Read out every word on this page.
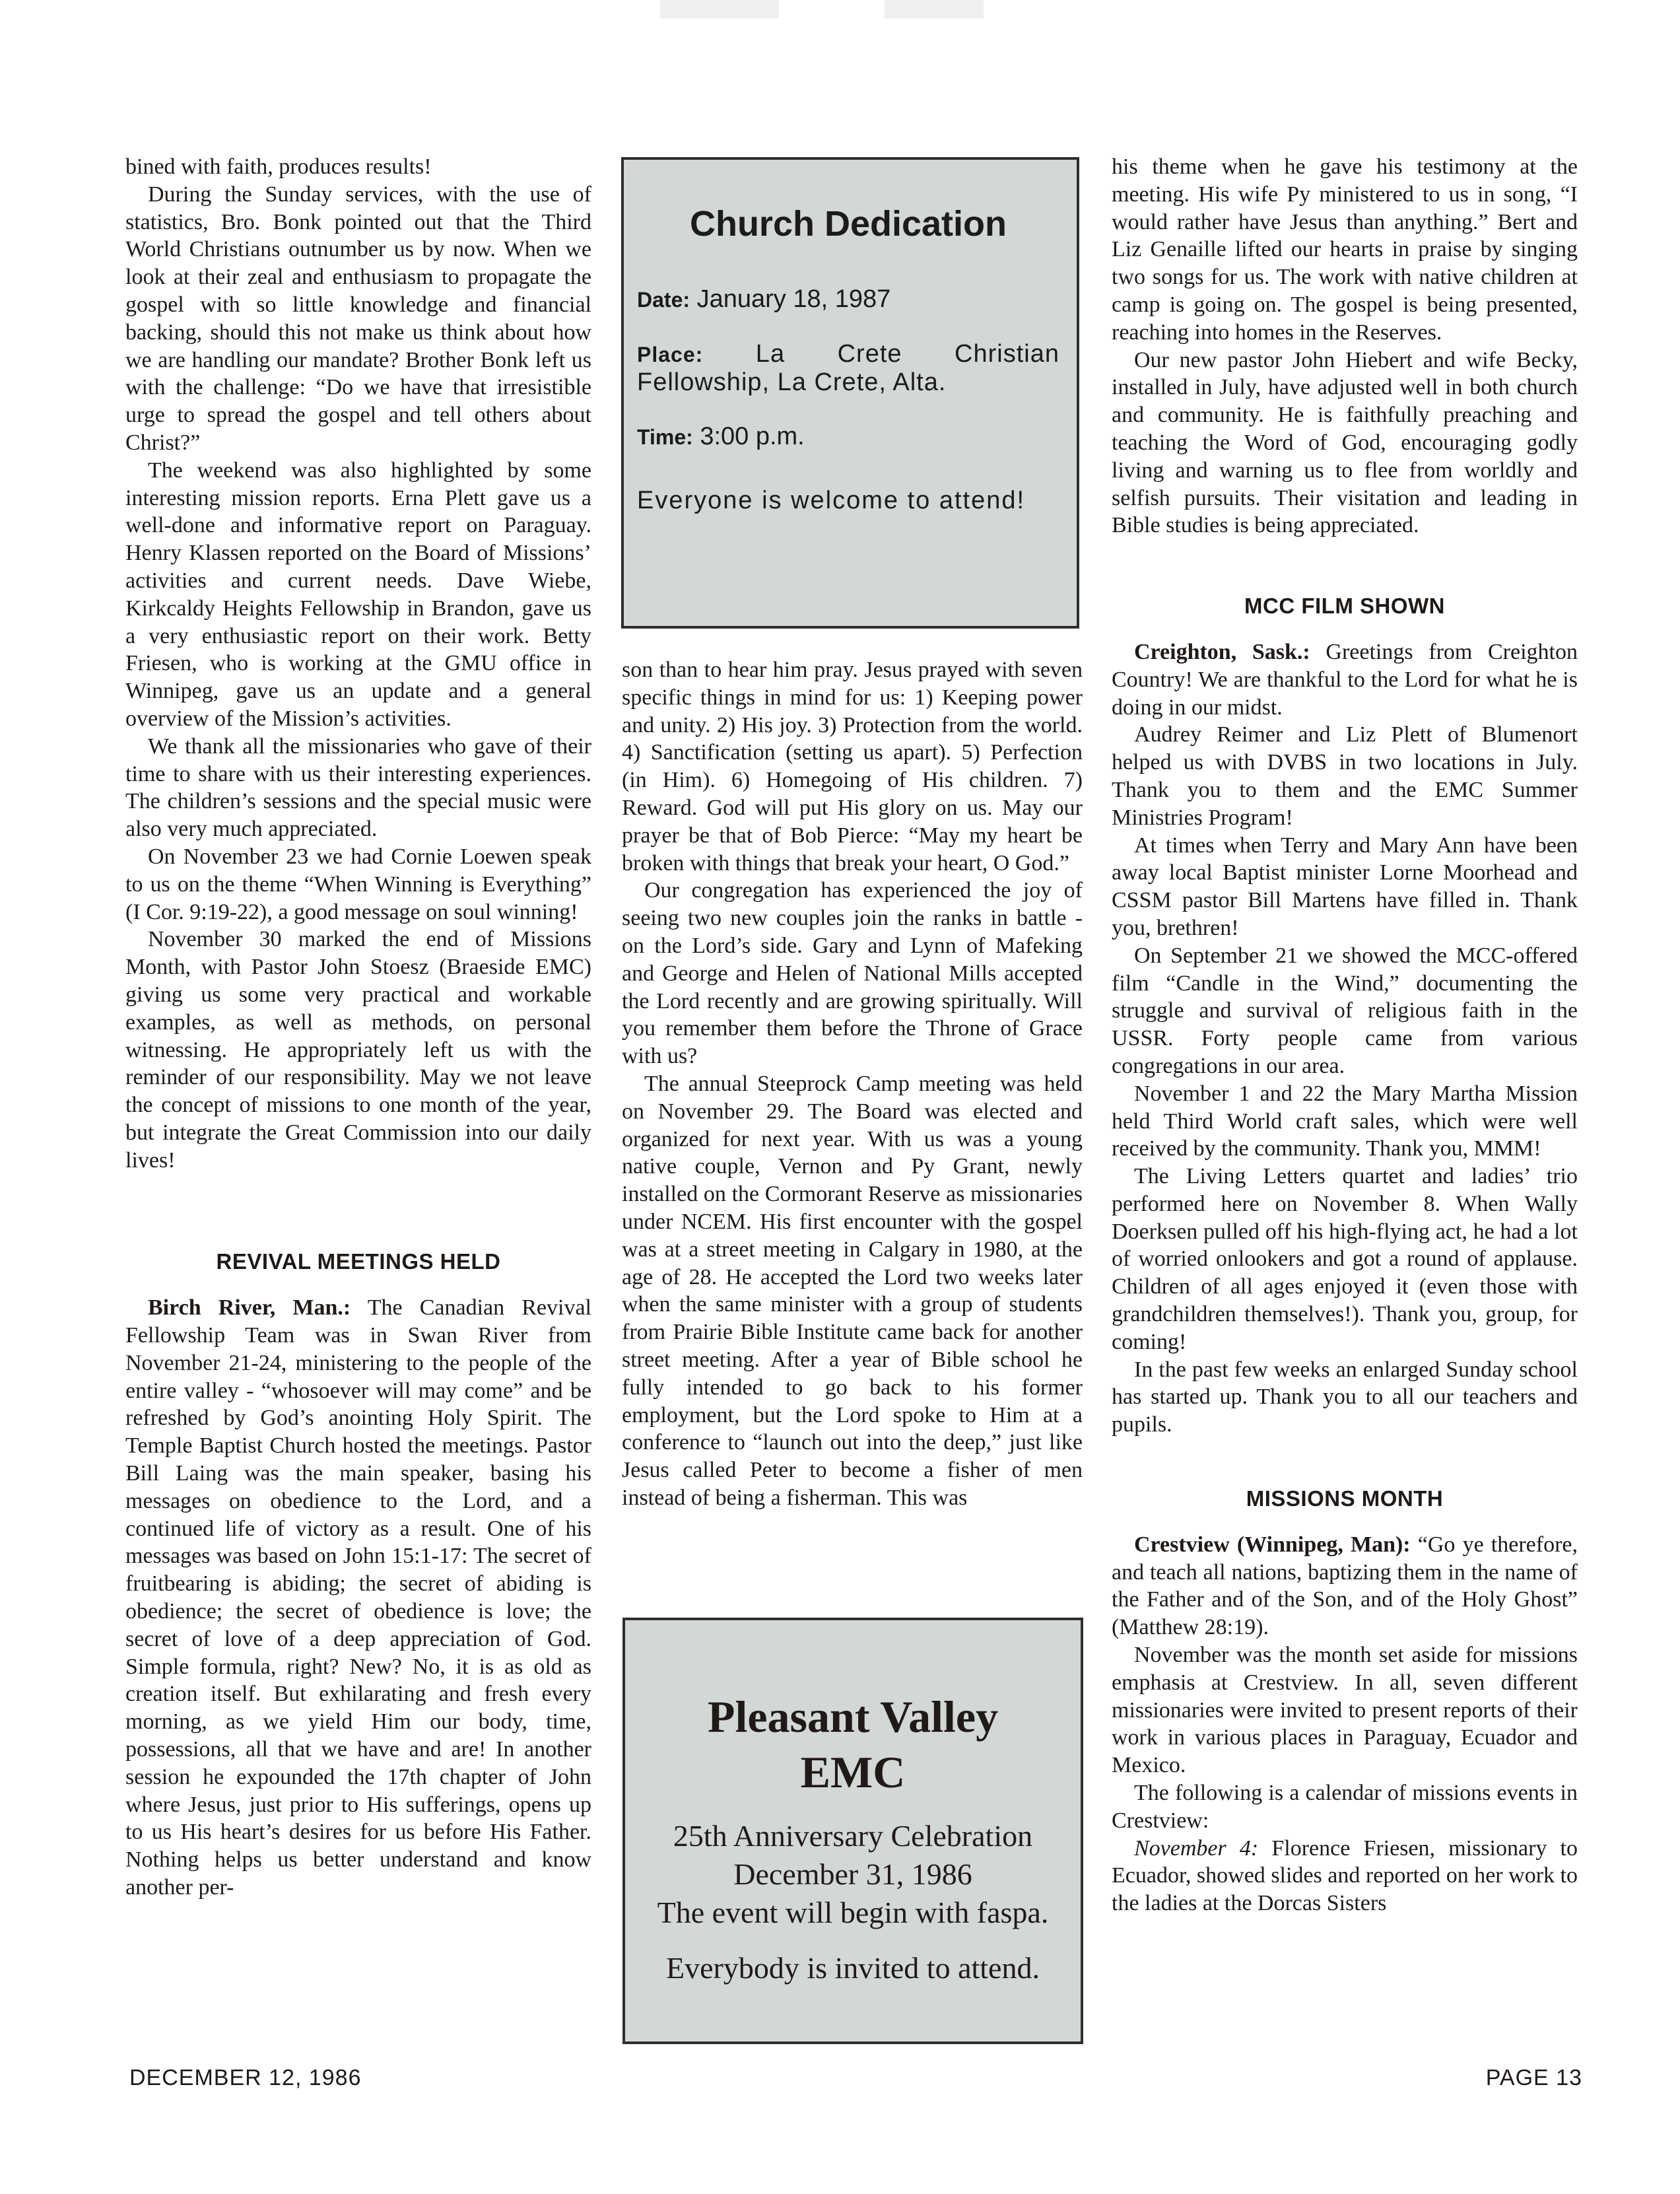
bined with faith, produces results!

During the Sunday services, with the use of statistics, Bro. Bonk pointed out that the Third World Christians outnumber us by now. When we look at their zeal and enthusiasm to propagate the gospel with so little knowledge and financial backing, should this not make us think about how we are handling our mandate? Brother Bonk left us with the challenge: “Do we have that irresistible urge to spread the gospel and tell others about Christ?”

The weekend was also highlighted by some interesting mission reports. Erna Plett gave us a well-done and informative report on Paraguay. Henry Klassen reported on the Board of Missions’ activities and current needs. Dave Wiebe, Kirkcaldy Heights Fellowship in Brandon, gave us a very enthusiastic report on their work. Betty Friesen, who is working at the GMU office in Winnipeg, gave us an update and a general overview of the Mission’s activities.

We thank all the missionaries who gave of their time to share with us their interesting experiences. The children’s sessions and the special music were also very much appreciated.

On November 23 we had Cornie Loewen speak to us on the theme “When Winning is Everything” (I Cor. 9:19-22), a good message on soul winning!

November 30 marked the end of Missions Month, with Pastor John Stoesz (Braeside EMC) giving us some very practical and workable examples, as well as methods, on personal witnessing. He appropriately left us with the reminder of our responsibility. May we not leave the concept of missions to one month of the year, but integrate the Great Commission into our daily lives!

REVIVAL MEETINGS HELD

Birch River, Man.: The Canadian Revival Fellowship Team was in Swan River from November 21-24, ministering to the people of the entire valley - “whosoever will may come” and be refreshed by God’s anointing Holy Spirit. The Temple Baptist Church hosted the meetings. Pastor Bill Laing was the main speaker, basing his messages on obedience to the Lord, and a continued life of victory as a result. One of his messages was based on John 15:1-17: The secret of fruitbearing is abiding; the secret of abiding is obedience; the secret of obedience is love; the secret of love of a deep appreciation of God. Simple formula, right? New? No, it is as old as creation itself. But exhilarating and fresh every morning, as we yield Him our body, time, possessions, all that we have and are! In another session he expounded the 17th chapter of John where Jesus, just prior to His sufferings, opens up to us His heart’s desires for us before His Father. Nothing helps us better understand and know another per-

Church Dedication
Date: January 18, 1987
Place: La Crete Christian Fellowship, La Crete, Alta.
Time: 3:00 p.m.
Everyone is welcome to attend!

son than to hear him pray. Jesus prayed with seven specific things in mind for us: 1) Keeping power and unity. 2) His joy. 3) Protection from the world. 4) Sanctification (setting us apart). 5) Perfection (in Him). 6) Homegoing of His children. 7) Reward. God will put His glory on us. May our prayer be that of Bob Pierce: “May my heart be broken with things that break your heart, O God.”

Our congregation has experienced the joy of seeing two new couples join the ranks in battle - on the Lord’s side. Gary and Lynn of Mafeking and George and Helen of National Mills accepted the Lord recently and are growing spiritually. Will you remember them before the Throne of Grace with us?

The annual Steeprock Camp meeting was held on November 29. The Board was elected and organized for next year. With us was a young native couple, Vernon and Py Grant, newly installed on the Cormorant Reserve as missionaries under NCEM. His first encounter with the gospel was at a street meeting in Calgary in 1980, at the age of 28. He accepted the Lord two weeks later when the same minister with a group of students from Prairie Bible Institute came back for another street meeting. After a year of Bible school he fully intended to go back to his former employment, but the Lord spoke to Him at a conference to “launch out into the deep,” just like Jesus called Peter to become a fisher of men instead of being a fisherman. This was

Pleasant Valley
EMC
25th Anniversary Celebration
December 31, 1986
The event will begin with faspa.
Everybody is invited to attend.

his theme when he gave his testimony at the meeting. His wife Py ministered to us in song, “I would rather have Jesus than anything.” Bert and Liz Genaille lifted our hearts in praise by singing two songs for us. The work with native children at camp is going on. The gospel is being presented, reaching into homes in the Reserves.

Our new pastor John Hiebert and wife Becky, installed in July, have adjusted well in both church and community. He is faithfully preaching and teaching the Word of God, encouraging godly living and warning us to flee from worldly and selfish pursuits. Their visitation and leading in Bible studies is being appreciated.

MCC FILM SHOWN

Creighton, Sask.: Greetings from Creighton Country! We are thankful to the Lord for what he is doing in our midst.

Audrey Reimer and Liz Plett of Blumenort helped us with DVBS in two locations in July. Thank you to them and the EMC Summer Ministries Program!

At times when Terry and Mary Ann have been away local Baptist minister Lorne Moorhead and CSSM pastor Bill Martens have filled in. Thank you, brethren!

On September 21 we showed the MCC-offered film “Candle in the Wind,” documenting the struggle and survival of religious faith in the USSR. Forty people came from various congregations in our area.

November 1 and 22 the Mary Martha Mission held Third World craft sales, which were well received by the community. Thank you, MMM!

The Living Letters quartet and ladies’ trio performed here on November 8. When Wally Doerksen pulled off his high-flying act, he had a lot of worried onlookers and got a round of applause. Children of all ages enjoyed it (even those with grandchildren themselves!). Thank you, group, for coming!

In the past few weeks an enlarged Sunday school has started up. Thank you to all our teachers and pupils.

MISSIONS MONTH

Crestview (Winnipeg, Man): “Go ye therefore, and teach all nations, baptizing them in the name of the Father and of the Son, and of the Holy Ghost” (Matthew 28:19).

November was the month set aside for missions emphasis at Crestview. In all, seven different missionaries were invited to present reports of their work in various places in Paraguay, Ecuador and Mexico.

The following is a calendar of missions events in Crestview:

November 4: Florence Friesen, missionary to Ecuador, showed slides and reported on her work to the ladies at the Dorcas Sisters

DECEMBER 12, 1986	PAGE 13
